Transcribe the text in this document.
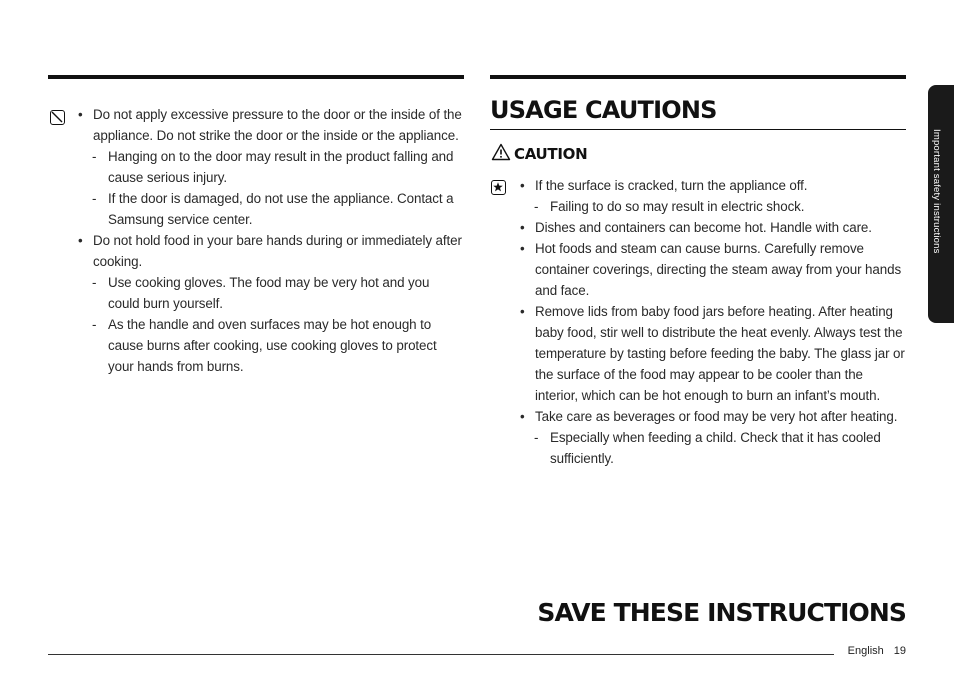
• Do not apply excessive pressure to the door or the inside of the appliance. Do not strike the door or the inside or the appliance.
- Hanging on to the door may result in the product falling and cause serious injury.
- If the door is damaged, do not use the appliance. Contact a Samsung service center.
• Do not hold food in your bare hands during or immediately after cooking.
- Use cooking gloves. The food may be very hot and you could burn yourself.
- As the handle and oven surfaces may be hot enough to cause burns after cooking, use cooking gloves to protect your hands from burns.
USAGE CAUTIONS
CAUTION
• If the surface is cracked, turn the appliance off.
- Failing to do so may result in electric shock.
• Dishes and containers can become hot. Handle with care.
• Hot foods and steam can cause burns. Carefully remove container coverings, directing the steam away from your hands and face.
• Remove lids from baby food jars before heating. After heating baby food, stir well to distribute the heat evenly. Always test the temperature by tasting before feeding the baby. The glass jar or the surface of the food may appear to be cooler than the interior, which can be hot enough to burn an infant’s mouth.
• Take care as beverages or food may be very hot after heating.
- Especially when feeding a child. Check that it has cooled sufficiently.
SAVE THESE INSTRUCTIONS
English 19
Important safety instructions
